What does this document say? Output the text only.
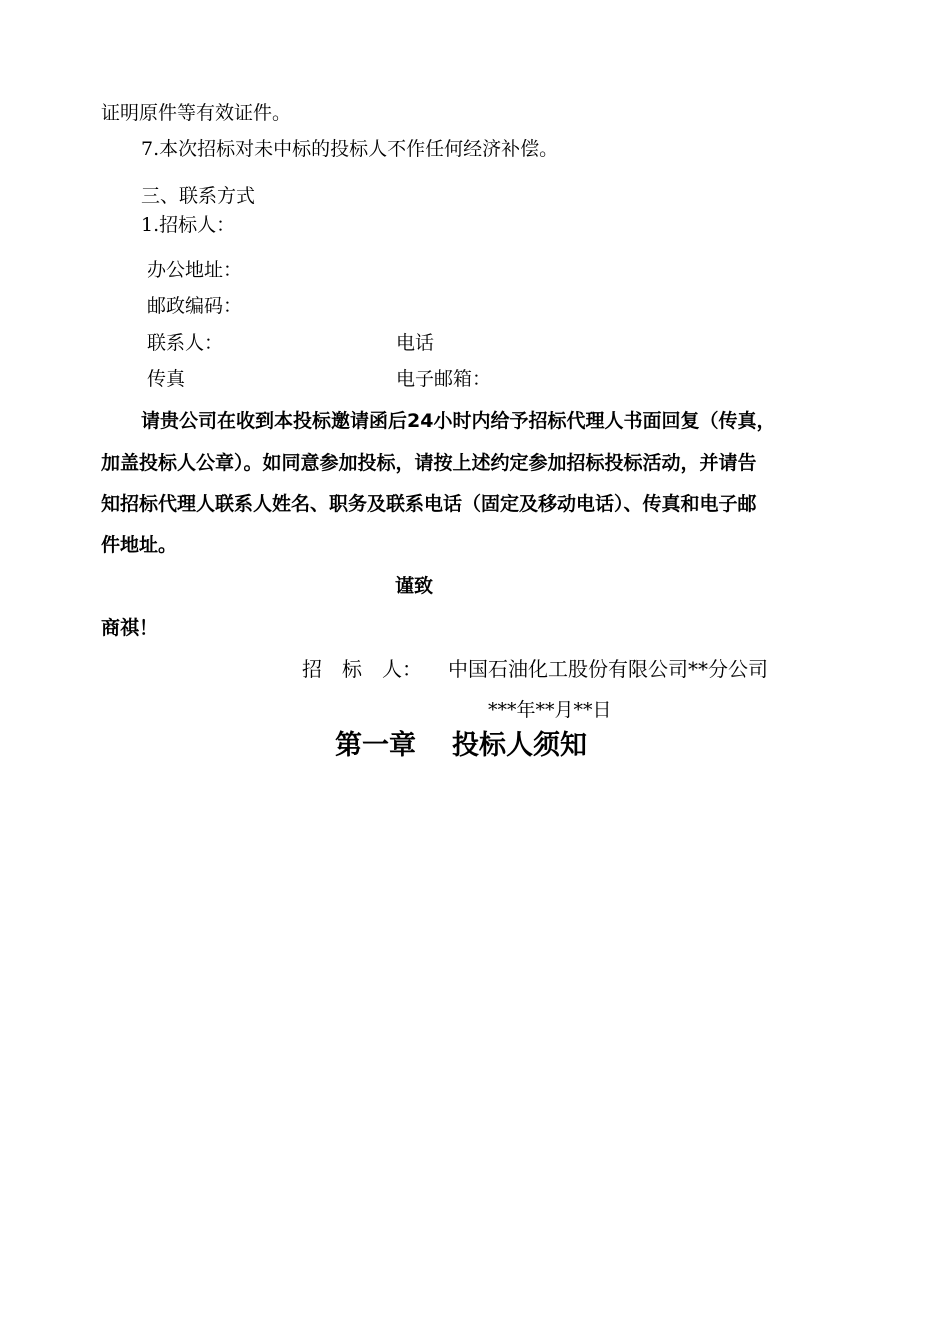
证明原件等有效证件。
7.本次招标对未中标的投标人不作任何经济补偿。
三、联系方式
1.招标人：
办公地址：
邮政编码：
联系人：	电话
传真	电子邮箱：
请贵公司在收到本投标邀请函后24小时内给予招标代理人书面回复（传真，
加盖投标人公章）。如同意参加投标，请按上述约定参加招标投标活动，并请告
知招标代理人联系人姓名、职务及联系电话（固定及移动电话）、传真和电子邮
件地址。
谨致
商祺！
招　标　人： 中国石油化工股份有限公司**分公司
***年**月**日
第一章 投标人须知
